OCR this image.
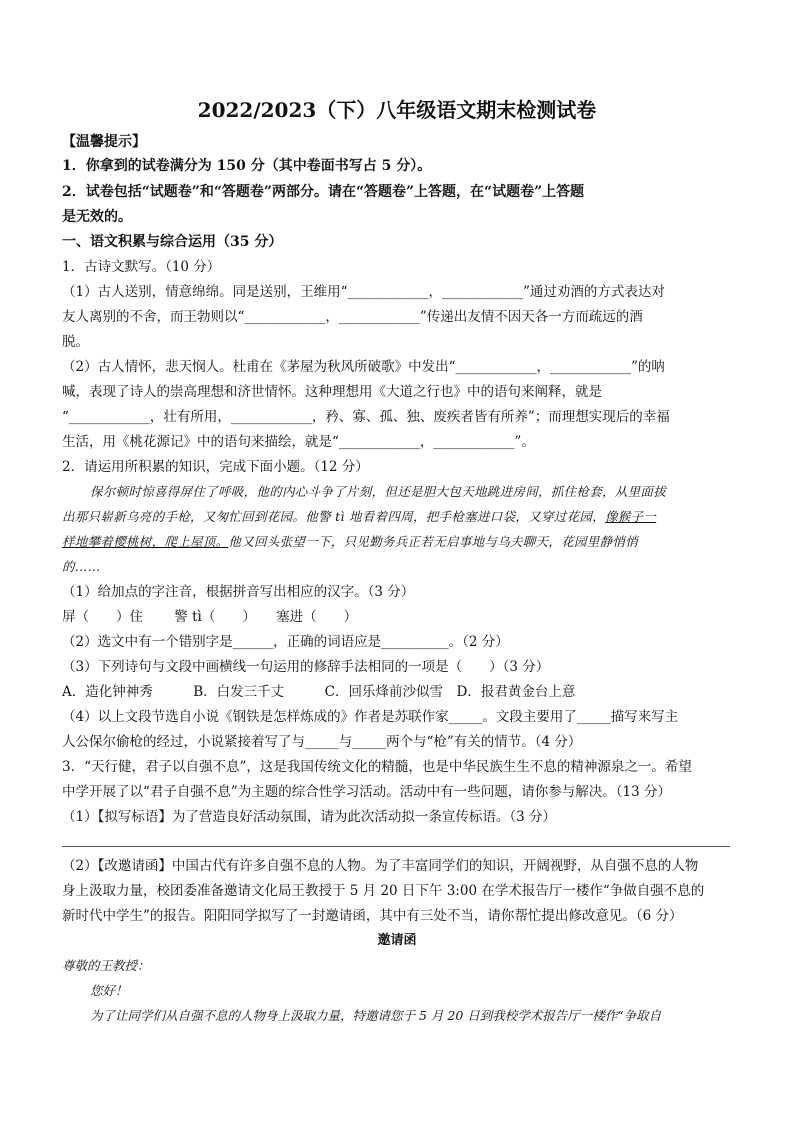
2022/2023（下）八年级语文期末检测试卷
【温馨提示】
1．你拿到的试卷满分为 150 分（其中卷面书写占 5 分）。
2．试卷包括“试题卷”和“答题卷”两部分。请在“答题卷”上答题，在“试题卷”上答题
是无效的。
一、语文积累与综合运用（35 分）
1．古诗文默写。（10 分）
（1）古人送别，情意绵绵。同是送别，王维用“____________，____________”通过劝酒的方式表达对
友人离别的不舍，而王勃则以“____________，____________”传递出友情不因天各一方而疏远的酒
脱。
（2）古人情怀，悲天悯人。杜甫在《茅屋为秋风所破歌》中发出“____________，____________”的呐
喊，表现了诗人的崇高理想和济世情怀。这种理想用《大道之行也》中的语句来阐释，就是
“____________，壮有所用，____________，矜、寡、孤、独、废疾者皆有所养”；而理想实现后的幸福
生活，用《桃花源记》中的语句来描绘，就是“____________，____________”。
2．请运用所积累的知识，完成下面小题。（12 分）
保尔顿时惊喜得屏住了呼吸，他的内心斗争了片刻，但还是胆大包天地跳进房间，抓住枪套，从里面拔
出那只崭新乌亮的手枪，又匆忙回到花园。他警 tì 地看着四周，把手枪塞进口袋，又穿过花园，像猴子一
样地攀着樱桃树，爬上屋顶。他又回头张望一下，只见勤务兵正若无启事地与乌夫聊天，花园里静悄悄
的……
（1）给加点的字注音，根据拼音写出相应的汉字。（3 分）
屏（　　）住　　 警 tì（　　）　　塞进（　　）
（2）选文中有一个错别字是______，正确的词语应是__________。（2 分）
（3）下列诗句与文段中画横线一句运用的修辞手法相同的一项是（　　）（3 分）
A．造化钟神秀　　　B．白发三千丈　　　C．回乐烽前沙似雪　D．报君黄金台上意
（4）以上文段节选自小说《钢铁是怎样炼成的》作者是苏联作家_____。文段主要用了_____描写来写主
人公保尔偷枪的经过，小说紧接着写了与_____与_____两个与“枪”有关的情节。（4 分）
3．“天行健，君子以自强不息”，这是我国传统文化的精髓，也是中华民族生生不息的精神源泉之一。希望
中学开展了以“君子自强不息”为主题的综合性学习活动。活动中有一些问题，请你参与解决。（13 分）
（1）【拟写标语】为了营造良好活动氛围，请为此次活动拟一条宣传标语。（3 分）
（2）【改邀请函】中国古代有许多自强不息的人物。为了丰富同学们的知识，开阔视野，从自强不息的人物
身上汲取力量，校团委准备邀请文化局王教授于 5 月 20 日下午 3:00 在学术报告厅一楼作“争做自强不息的
新时代中学生”的报告。阳阳同学拟写了一封邀请函，其中有三处不当，请你帮忙提出修改意见。（6 分）
邀请函
尊敬的王教授：
您好！
为了让同学们从自强不息的人物身上汲取力量，特邀请您于 5 月 20 日到我校学术报告厅一楼作“争取自
